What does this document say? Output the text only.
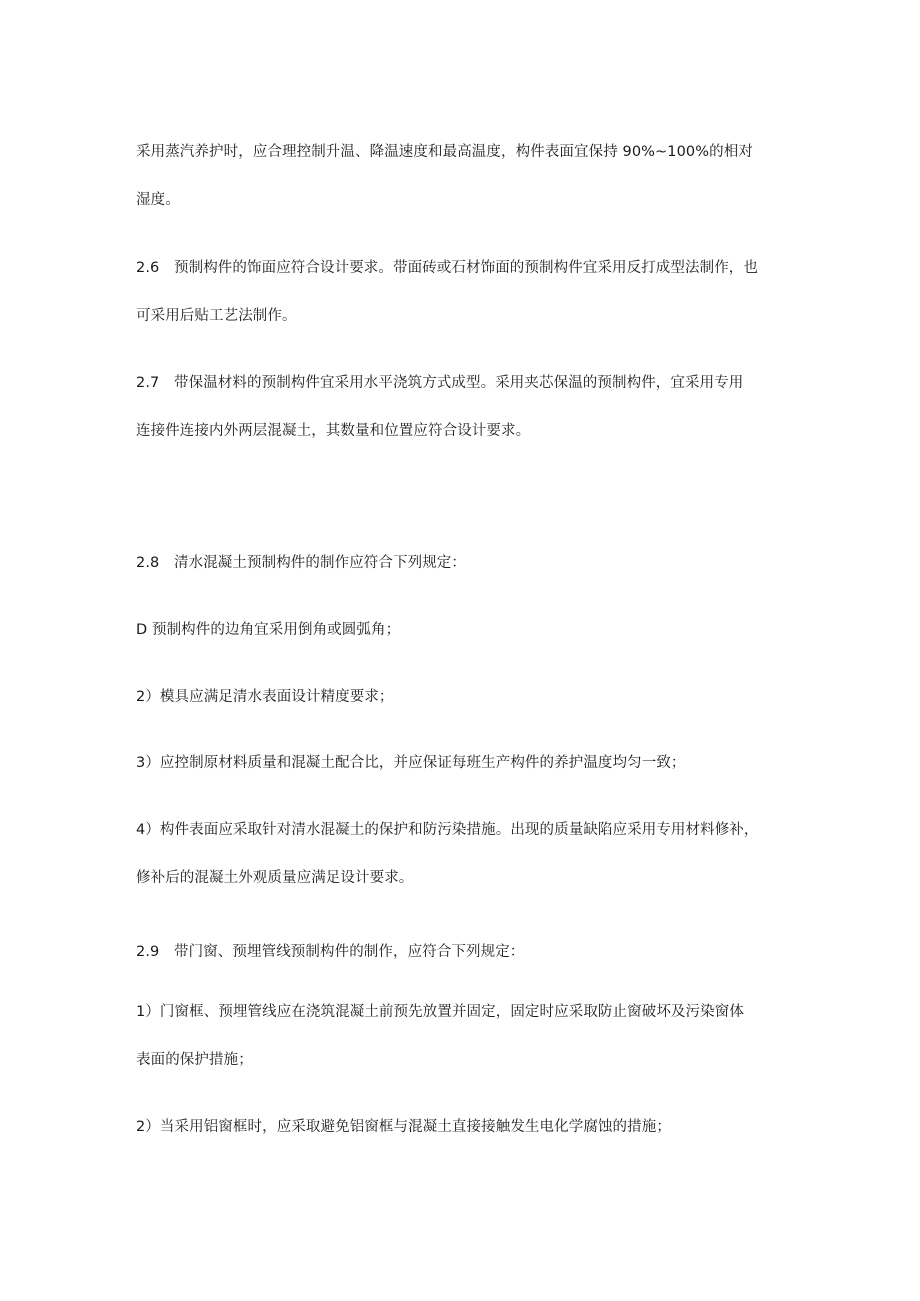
采用蒸汽养护时，应合理控制升温、降温速度和最高温度，构件表面宜保持 90%~100%的相对

湿度。

2.6 预制构件的饰面应符合设计要求。带面砖或石材饰面的预制构件宜采用反打成型法制作，也

可采用后贴工艺法制作。

2.7 带保温材料的预制构件宜采用水平浇筑方式成型。采用夹芯保温的预制构件，宜采用专用

连接件连接内外两层混凝土，其数量和位置应符合设计要求。

2.8 清水混凝土预制构件的制作应符合下列规定：

D 预制构件的边角宜采用倒角或圆弧角；

2）模具应满足清水表面设计精度要求；

3）应控制原材料质量和混凝土配合比，并应保证每班生产构件的养护温度均匀一致；

4）构件表面应采取针对清水混凝土的保护和防污染措施。出现的质量缺陷应采用专用材料修补，

修补后的混凝土外观质量应满足设计要求。

2.9 带门窗、预埋管线预制构件的制作，应符合下列规定：

1）门窗框、预埋管线应在浇筑混凝土前预先放置并固定，固定时应采取防止窗破坏及污染窗体

表面的保护措施；

2）当采用铝窗框时，应采取避免铝窗框与混凝土直接接触发生电化学腐蚀的措施；
